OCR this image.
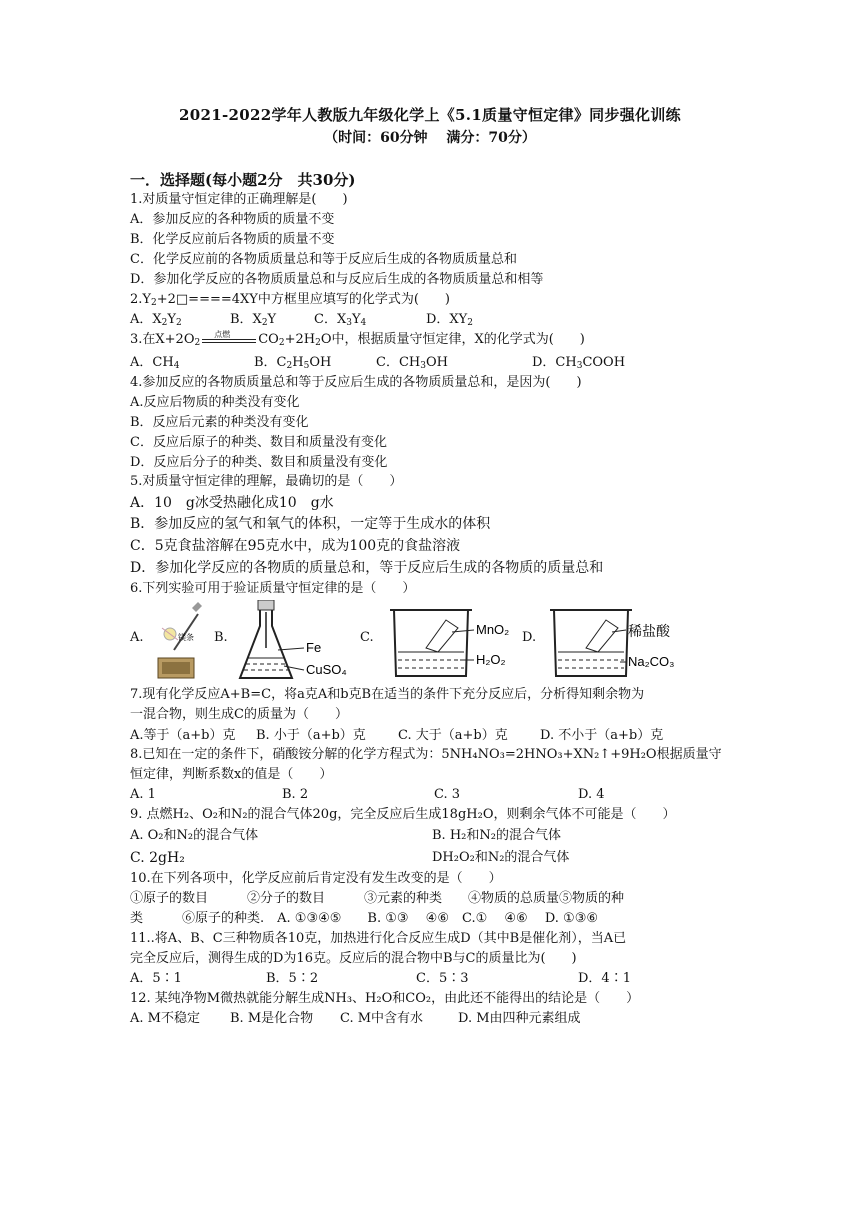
2021-2022学年人教版九年级化学上《5.1质量守恒定律》同步强化训练
（时间：60分钟　 满分：70分）
一．选择题(每小题2分　共30分)
1.对质量守恒定律的正确理解是(　　)
A．参加反应的各种物质的质量不变
B．化学反应前后各物质的质量不变
C．化学反应前的各物质质量总和等于反应后生成的各物质质量总和
D．参加化学反应的各物质质量总和与反应后生成的各物质质量总和相等
$2.Y_2+2□====4XY$中方框里应填写的化学式为(　　)
A．$X_2Y_2$	B．$X_2Y$	C．$X_3Y_4$	D．$XY_2$
3.在$X+2O_2$
点燃 $CO_2+2H_2O$中，根据质量守恒定律，X的化学式为(　　)
A．$CH_4$	B．$C_2H_5OH$	C．$CH_3OH$	D．$CH_3COOH$
4.参加反应的各物质质量总和等于反应后生成的各物质质量总和，是因为(　　)
A.反应后物质的种类没有变化
B．反应后元素的种类没有变化
C．反应后原子的种类、数目和质量没有变化
D．反应后分子的种类、数目和质量没有变化
5.对质量守恒定律的理解，最确切的是（　　）
A．10　g冰受热融化成10　g水
B．参加反应的氢气和氧气的体积，一定等于生成水的体积
C．5克食盐溶解在95克水中，成为100克的食盐溶液
D．参加化学反应的各物质的质量总和，等于反应后生成的各物质的质量总和
6.下列实验可用于验证质量守恒定律的是（　　）
A.	镁条 B.
Fe
CuSO₄
C.
MnO₂
H₂O₂
D.	稀盐酸
Na₂CO₃
7.现有化学反应A+B=C，将a克A和b克B在适当的条件下充分反应后，分析得知剩余物为
一混合物，则生成C的质量为（　　）
A.等于（a+b）克 B. 小于（a+b）克 C. 大于（a+b）克 D. 不小于（a+b）克
8.已知在一定的条件下，硝酸铵分解的化学方程式为：5NH₄NO₃=2HNO₃+XN₂↑+9H₂O根据质量守
恒定律，判断系数x的值是（　　）
A. 1	B. 2	C. 3	D. 4
9. 点燃H₂、O₂和N₂的混合气体20g，完全反应后生成18gH₂O，则剩余气体不可能是（　　）
A. O₂和N₂的混合气体	B. H₂和N₂的混合气体
C. 2gH₂	DH₂O₂和N₂的混合气体
10.在下列各项中，化学反应前后肯定没有发生改变的是（　　）
①原子的数目　　　②分子的数目　　　③元素的种类　　④物质的总质量⑤物质的种
类　　　⑥原子的种类.　A. ①③④⑤　　B. ①③　 ④⑥　C.①　 ④⑥　 D. ①③⑥
11..将A、B、C三种物质各10克，加热进行化合反应生成D（其中B是催化剂），当A已
完全反应后，测得生成的D为16克。反应后的混合物中B与C的质量比为(　　)
A．5∶1	B．5∶2	C．5∶3	D．4∶1
12. 某纯净物M微热就能分解生成NH₃、H₂O和CO₂，由此还不能得出的结论是（　　）
A. M不稳定 B. M是化合物 C. M中含有水	D. M由四种元素组成
